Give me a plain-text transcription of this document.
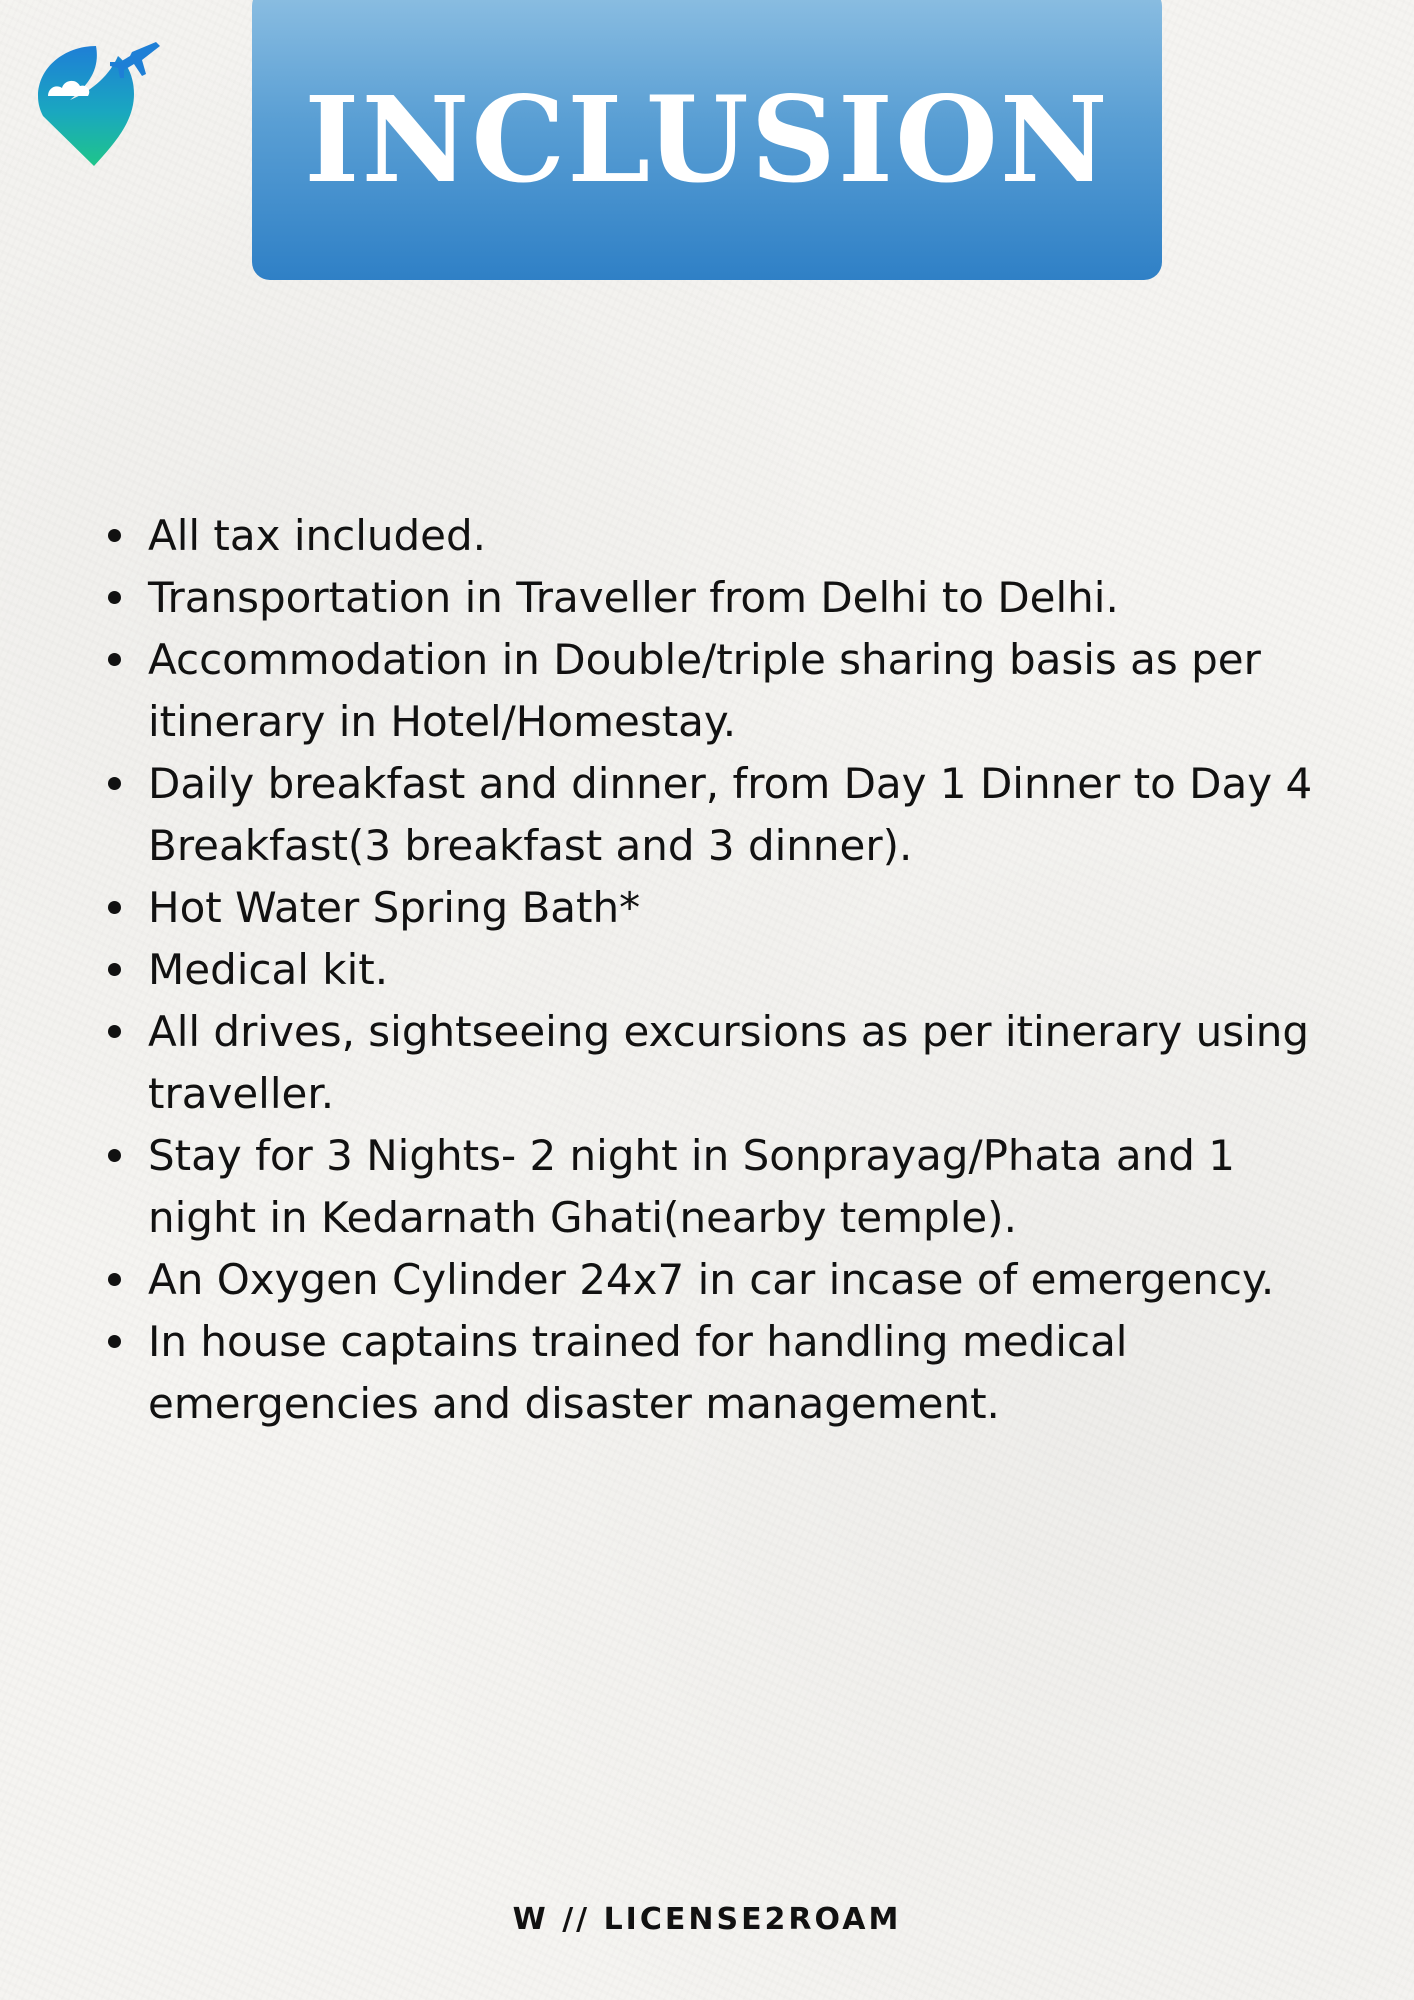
INCLUSION
All tax included.
Transportation in Traveller from Delhi to Delhi.
Accommodation in Double/triple sharing basis as per itinerary in Hotel/Homestay.
Daily breakfast and dinner, from Day 1 Dinner to Day 4 Breakfast(3 breakfast and 3 dinner).
Hot Water Spring Bath*
Medical kit.
All drives, sightseeing excursions as per itinerary using traveller.
Stay for 3 Nights- 2 night in Sonprayag/Phata and 1 night in Kedarnath Ghati(nearby temple).
An Oxygen Cylinder 24x7 in car incase of emergency.
In house captains trained for handling medical emergencies and disaster management.
W // LICENSE2ROAM
